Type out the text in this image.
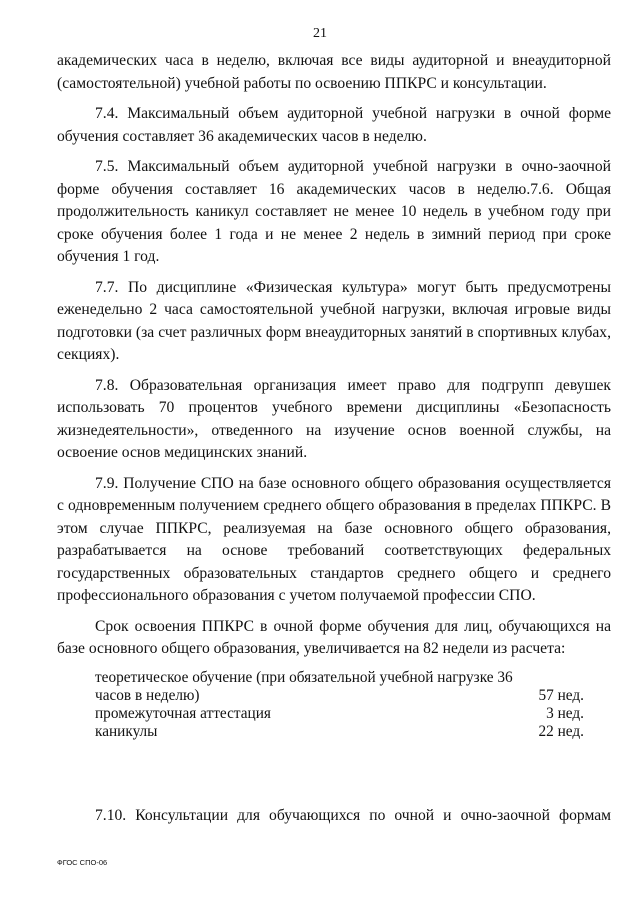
21

академических часа в неделю, включая все виды аудиторной и внеаудиторной (самостоятельной) учебной работы по освоению ППКРС и консультации.

7.4. Максимальный объем аудиторной учебной нагрузки в очной форме обучения составляет 36 академических часов в неделю.

7.5. Максимальный объем аудиторной учебной нагрузки в очно-заочной форме обучения составляет 16 академических часов в неделю.7.6. Общая продолжительность каникул составляет не менее 10 недель в учебном году при сроке обучения более 1 года и не менее 2 недель в зимний период при сроке обучения 1 год.

7.7. По дисциплине «Физическая культура» могут быть предусмотрены еженедельно 2 часа самостоятельной учебной нагрузки, включая игровые виды подготовки (за счет различных форм внеаудиторных занятий в спортивных клубах, секциях).

7.8. Образовательная организация имеет право для подгрупп девушек использовать 70 процентов учебного времени дисциплины «Безопасность жизнедеятельности», отведенного на изучение основ военной службы, на освоение основ медицинских знаний.

7.9. Получение СПО на базе основного общего образования осуществляется с одновременным получением среднего общего образования в пределах ППКРС. В этом случае ППКРС, реализуемая на базе основного общего образования, разрабатывается на основе требований соответствующих федеральных государственных образовательных стандартов среднего общего и среднего профессионального образования с учетом получаемой профессии СПО.

Срок освоения ППКРС в очной форме обучения для лиц, обучающихся на базе основного общего образования, увеличивается на 82 недели из расчета:

теоретическое обучение (при обязательной учебной нагрузке 36 часов в неделю)	57 нед.
промежуточная аттестация	3 нед.
каникулы	22 нед.

7.10. Консультации для обучающихся по очной и очно-заочной формам

ФГОС СПО-06
